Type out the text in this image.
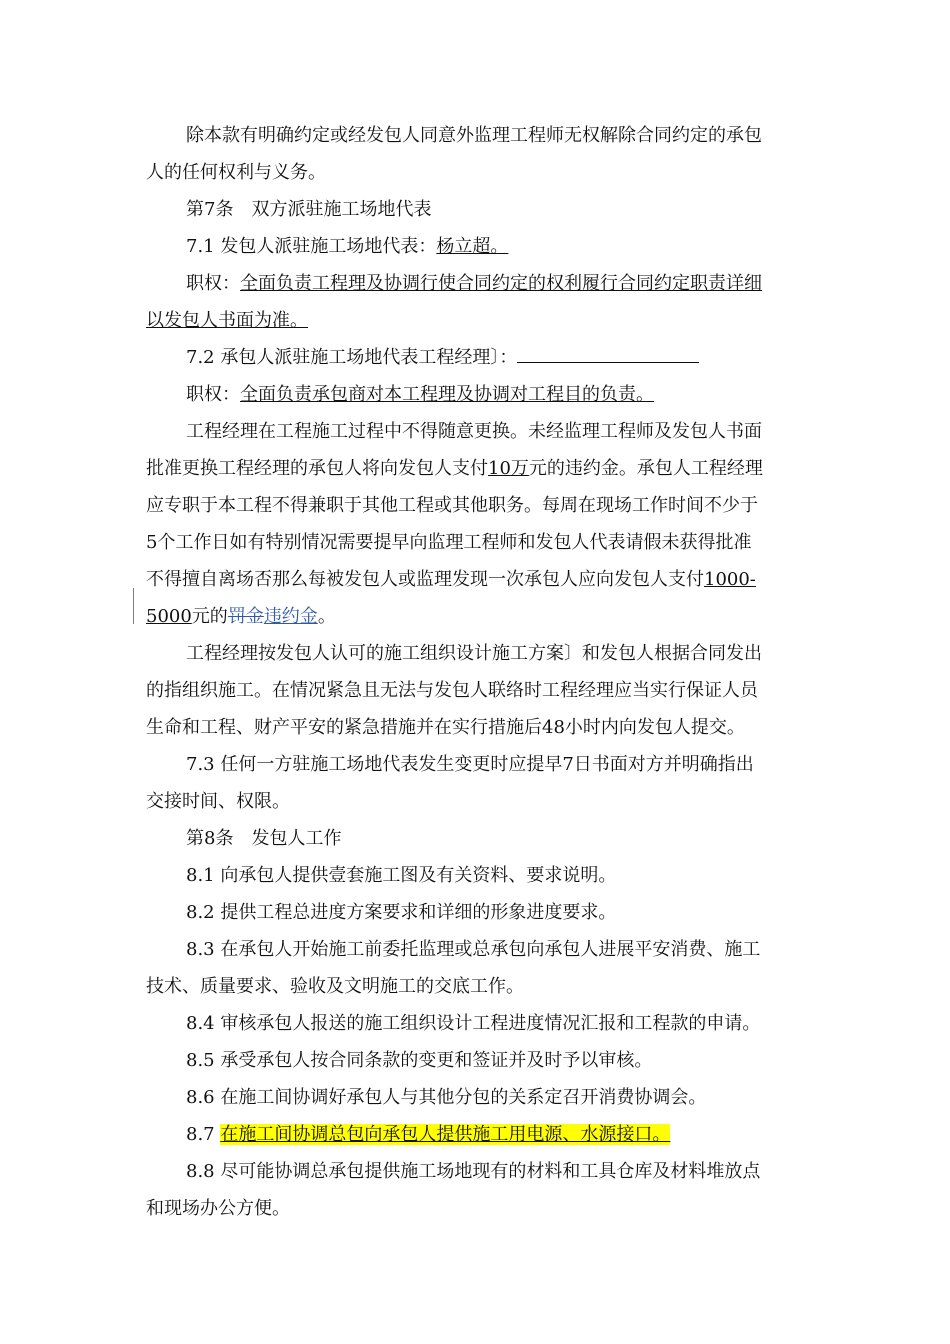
除本款有明确约定或经发包人同意外监理工程师无权解除合同约定的承包

人的任何权利与义务。

第7条　双方派驻施工场地代表

7.1 发包人派驻施工场地代表：杨立超。

职权：全面负责工程理及协调行使合同约定的权利履行合同约定职责详细

以发包人书面为准。

7.2 承包人派驻施工场地代表工程经理〕：

职权：全面负责承包商对本工程理及协调对工程目的负责。

工程经理在工程施工过程中不得随意更换。未经监理工程师及发包人书面

批准更换工程经理的承包人将向发包人支付10万元的违约金。承包人工程经理

应专职于本工程不得兼职于其他工程或其他职务。每周在现场工作时间不少于

5个工作日如有特别情况需要提早向监理工程师和发包人代表请假未获得批准

不得擅自离场否那么每被发包人或监理发现一次承包人应向发包人支付1000-

5000元的罚金违约金。

工程经理按发包人认可的施工组织设计施工方案〕和发包人根据合同发出

的指组织施工。在情况紧急且无法与发包人联络时工程经理应当实行保证人员

生命和工程、财产平安的紧急措施并在实行措施后48小时内向发包人提交。

7.3 任何一方驻施工场地代表发生变更时应提早7日书面对方并明确指出

交接时间、权限。

第8条　发包人工作

8.1 向承包人提供壹套施工图及有关资料、要求说明。

8.2 提供工程总进度方案要求和详细的形象进度要求。

8.3 在承包人开始施工前委托监理或总承包向承包人进展平安消费、施工

技术、质量要求、验收及文明施工的交底工作。

8.4 审核承包人报送的施工组织设计工程进度情况汇报和工程款的申请。

8.5 承受承包人按合同条款的变更和签证并及时予以审核。

8.6 在施工间协调好承包人与其他分包的关系定召开消费协调会。

8.7 在施工间协调总包向承包人提供施工用电源、水源接口。

8.8 尽可能协调总承包提供施工场地现有的材料和工具仓库及材料堆放点

和现场办公方便。
